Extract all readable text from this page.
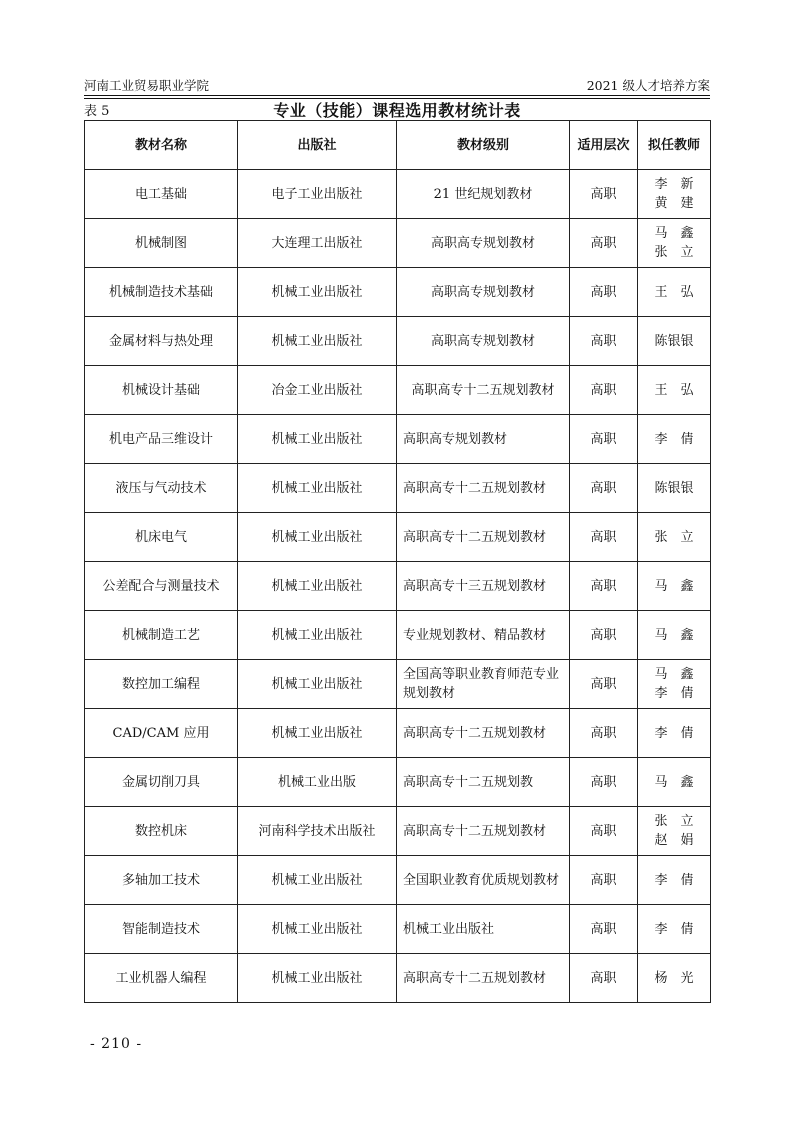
河南工业贸易职业学院	2021 级人才培养方案
专业（技能）课程选用教材统计表
表 5
教材名称	出版社	教材级别	适用层次	拟任教师
电工基础	电子工业出版社	21 世纪规划教材	高职	李　新
黄　建

机械制图	大连理工出版社	高职高专规划教材	高职	马　鑫
张　立

机械制造技术基础	机械工业出版社	高职高专规划教材	高职	王　弘

金属材料与热处理	机械工业出版社	高职高专规划教材	高职	陈银银

机械设计基础	冶金工业出版社	高职高专十二五规划教材	高职	王　弘

机电产品三维设计	机械工业出版社	高职高专规划教材	高职	李　倩

液压与气动技术	机械工业出版社	高职高专十二五规划教材	高职	陈银银

机床电气	机械工业出版社	高职高专十二五规划教材	高职	张　立

公差配合与测量技术	机械工业出版社	高职高专十三五规划教材	高职	马　鑫

机械制造工艺	机械工业出版社	专业规划教材、精品教材	高职	马　鑫

数控加工编程	机械工业出版社	全国高等职业教育师范专业规划教材	高职	马　鑫
李　倩

CAD/CAM 应用	机械工业出版社	高职高专十二五规划教材	高职	李　倩

金属切削刀具	机械工业出版	高职高专十二五规划教	高职	马　鑫

数控机床	河南科学技术出版社	高职高专十二五规划教材	高职	张　立
赵　娟

多轴加工技术	机械工业出版社	全国职业教育优质规划教材	高职	李　倩

智能制造技术	机械工业出版社	机械工业出版社	高职	李　倩

工业机器人编程	机械工业出版社	高职高专十二五规划教材	高职	杨　光
- 210 -
